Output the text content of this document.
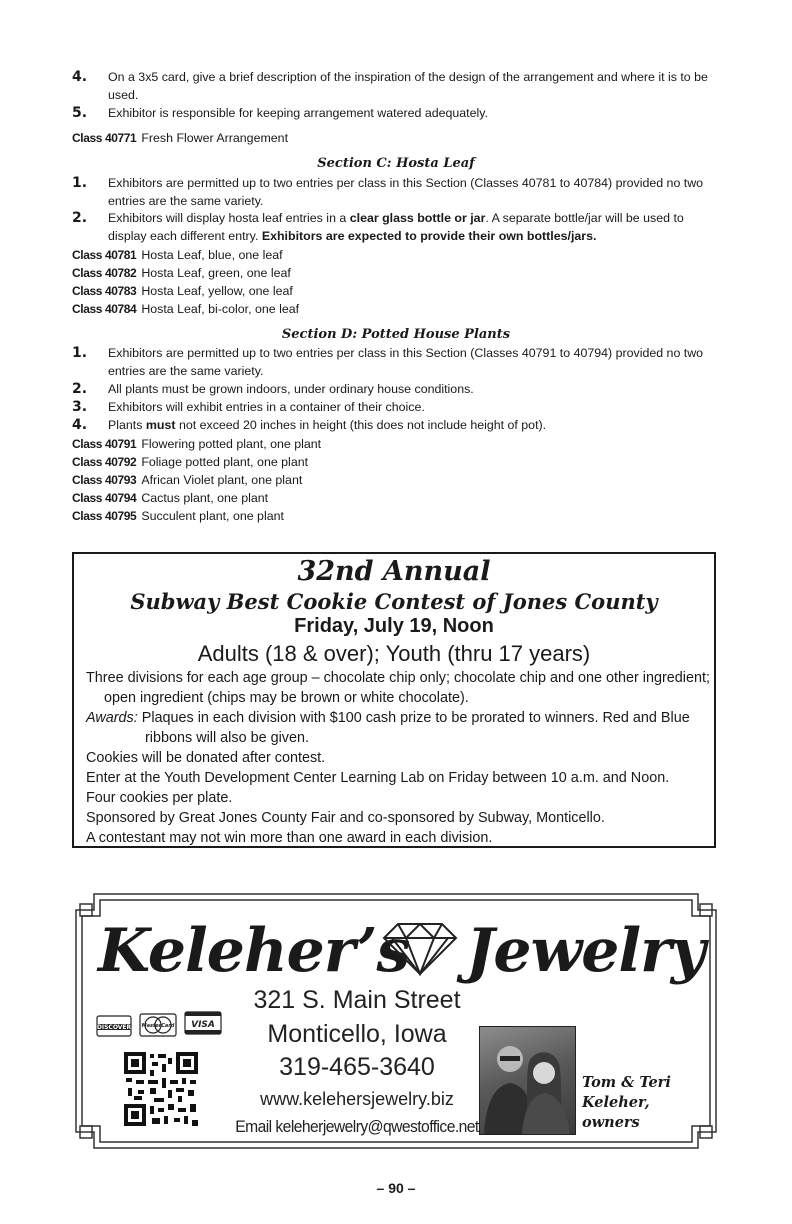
4. On a 3x5 card, give a brief description of the inspiration of the design of the arrangement and where it is to be used.
5. Exhibitor is responsible for keeping arrangement watered adequately.
Class 40771 Fresh Flower Arrangement
Section C: Hosta Leaf
1. Exhibitors are permitted up to two entries per class in this Section (Classes 40781 to 40784) provided no two entries are the same variety.
2. Exhibitors will display hosta leaf entries in a clear glass bottle or jar. A separate bottle/jar will be used to display each different entry. Exhibitors are expected to provide their own bottles/jars.
Class 40781 Hosta Leaf, blue, one leaf
Class 40782 Hosta Leaf, green, one leaf
Class 40783 Hosta Leaf, yellow, one leaf
Class 40784 Hosta Leaf, bi-color, one leaf
Section D: Potted House Plants
1. Exhibitors are permitted up to two entries per class in this Section (Classes 40791 to 40794) provided no two entries are the same variety.
2. All plants must be grown indoors, under ordinary house conditions.
3. Exhibitors will exhibit entries in a container of their choice.
4. Plants must not exceed 20 inches in height (this does not include height of pot).
Class 40791 Flowering potted plant, one plant
Class 40792 Foliage potted plant, one plant
Class 40793 African Violet plant, one plant
Class 40794 Cactus plant, one plant
Class 40795 Succulent plant, one plant
32nd Annual
Subway Best Cookie Contest of Jones County
Friday, July 19, Noon
Adults (18 & over); Youth (thru 17 years)

Three divisions for each age group – chocolate chip only; chocolate chip and one other ingredient; open ingredient (chips may be brown or white chocolate).

Awards: Plaques in each division with $100 cash prize to be prorated to winners. Red and Blue ribbons will also be given.

Cookies will be donated after contest.

Enter at the Youth Development Center Learning Lab on Friday between 10 a.m. and Noon.

Four cookies per plate.

Sponsored by Great Jones County Fair and co-sponsored by Subway, Monticello.

A contestant may not win more than one award in each division.

Keleher’s Jewelry
321 S. Main Street
Monticello, Iowa
319-465-3640
www.kelehersjewelry.biz
Email keleherjewelry@qwestoffice.net
DISCOVER MasterCard VISA
Tom & Teri
Keleher,
owners
– 90 –
